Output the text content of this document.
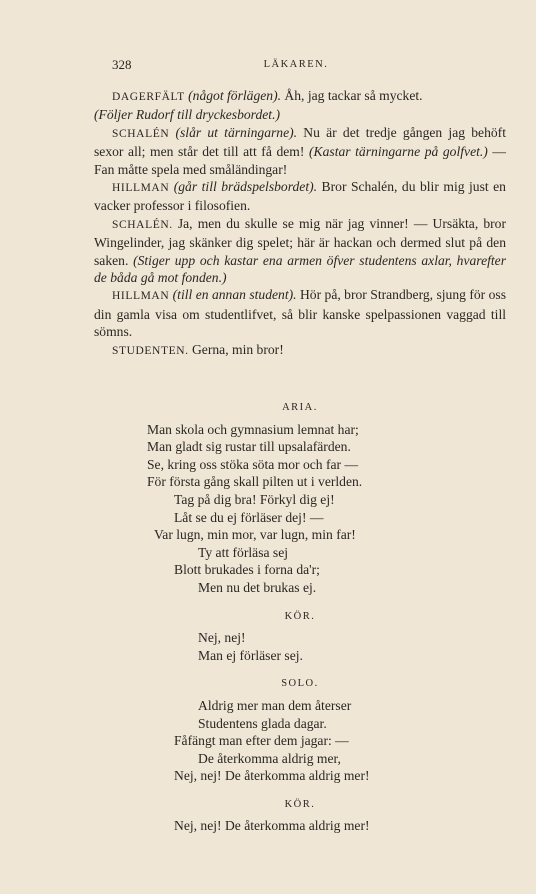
328	LÄKAREN.

DAGERFÄLT (något förlägen). Åh, jag tackar så mycket.
(Följer Rudorf till dryckesbordet.)

SCHALÉN (slår ut tärningarne). Nu är det tredje gången jag behöft sexor all; men står det till att få dem! (Kastar tärningarne på golfvet.) — Fan måtte spela med småländingar!

HILLMAN (går till brädspelsbordet). Bror Schalén, du blir mig just en vacker professor i filosofien.

SCHALÉN. Ja, men du skulle se mig när jag vinner! — Ursäkta, bror Wingelinder, jag skänker dig spelet; här är hackan och dermed slut på den saken. (Stiger upp och kastar ena armen öfver studentens axlar, hvarefter de båda gå mot fonden.)

HILLMAN (till en annan student). Hör på, bror Strandberg, sjung för oss din gamla visa om studentlifvet, så blir kanske spelpassionen vaggad till sömns.

STUDENTEN. Gerna, min bror!

ARIA.
Man skola och gymnasium lemnat har;
Man gladt sig rustar till upsalafärden.
Se, kring oss stöka söta mor och far —
För första gång skall pilten ut i verlden.
Tag på dig bra! Förkyl dig ej!
Låt se du ej förläser dej! —
Var lugn, min mor, var lugn, min far!
Ty att förläsa sej
Blott brukades i forna da'r;
Men nu det brukas ej.
KÖR.
Nej, nej!
Man ej förläser sej.
SOLO.
Aldrig mer man dem återser
Studentens glada dagar.
Fåfängt man efter dem jagar: —
De återkomma aldrig mer,
Nej, nej! De återkomma aldrig mer!
KÖR.
Nej, nej! De återkomma aldrig mer!
